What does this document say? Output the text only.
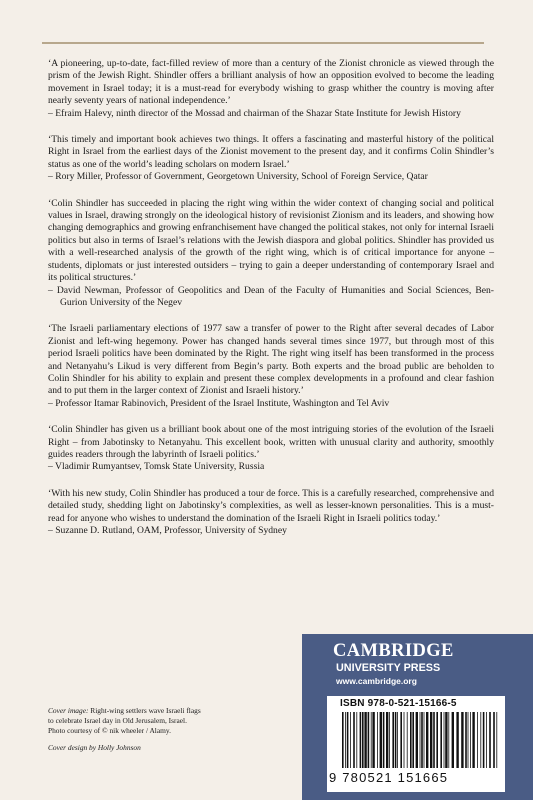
‘A pioneering, up-to-date, fact-filled review of more than a century of the Zionist chronicle as viewed through the prism of the Jewish Right. Shindler offers a brilliant analysis of how an opposition evolved to become the leading movement in Israel today; it is a must-read for everybody wishing to grasp whither the country is moving after nearly seventy years of national independence.’

– Efraim Halevy, ninth director of the Mossad and chairman of the Shazar State Institute for Jewish History

‘This timely and important book achieves two things. It offers a fascinating and masterful history of the political Right in Israel from the earliest days of the Zionist movement to the present day, and it confirms Colin Shindler’s status as one of the world’s leading scholars on modern Israel.’

– Rory Miller, Professor of Government, Georgetown University, School of Foreign Service, Qatar

‘Colin Shindler has succeeded in placing the right wing within the wider context of changing social and political values in Israel, drawing strongly on the ideological history of revisionist Zionism and its leaders, and showing how changing demographics and growing enfranchisement have changed the political stakes, not only for internal Israeli politics but also in terms of Israel’s relations with the Jewish diaspora and global politics. Shindler has provided us with a well-researched analysis of the growth of the right wing, which is of critical importance for anyone – students, diplomats or just interested outsiders – trying to gain a deeper understanding of contemporary Israel and its political structures.’

– David Newman, Professor of Geopolitics and Dean of the Faculty of Humanities and Social Sciences, Ben-Gurion University of the Negev

‘The Israeli parliamentary elections of 1977 saw a transfer of power to the Right after several decades of Labor Zionist and left-wing hegemony. Power has changed hands several times since 1977, but through most of this period Israeli politics have been dominated by the Right. The right wing itself has been transformed in the process and Netanyahu’s Likud is very different from Begin’s party. Both experts and the broad public are beholden to Colin Shindler for his ability to explain and present these complex developments in a profound and clear fashion and to put them in the larger context of Zionist and Israeli history.’

– Professor Itamar Rabinovich, President of the Israel Institute, Washington and Tel Aviv

‘Colin Shindler has given us a brilliant book about one of the most intriguing stories of the evolution of the Israeli Right – from Jabotinsky to Netanyahu. This excellent book, written with unusual clarity and authority, smoothly guides readers through the labyrinth of Israeli politics.’

– Vladimir Rumyantsev, Tomsk State University, Russia

‘With his new study, Colin Shindler has produced a tour de force. This is a carefully researched, comprehensive and detailed study, shedding light on Jabotinsky’s complexities, as well as lesser-known personalities. This is a must-read for anyone who wishes to understand the domination of the Israeli Right in Israeli politics today.’

– Suzanne D. Rutland, OAM, Professor, University of Sydney

Cover image: Right-wing settlers wave Israeli flags
to celebrate Israel day in Old Jerusalem, Israel.
Photo courtesy of © nik wheeler / Alamy.
Cover design by Holly Johnson
CAMBRIDGE
UNIVERSITY PRESS
www.cambridge.org
ISBN 978-0-521-15166-5
9 780521 151665
